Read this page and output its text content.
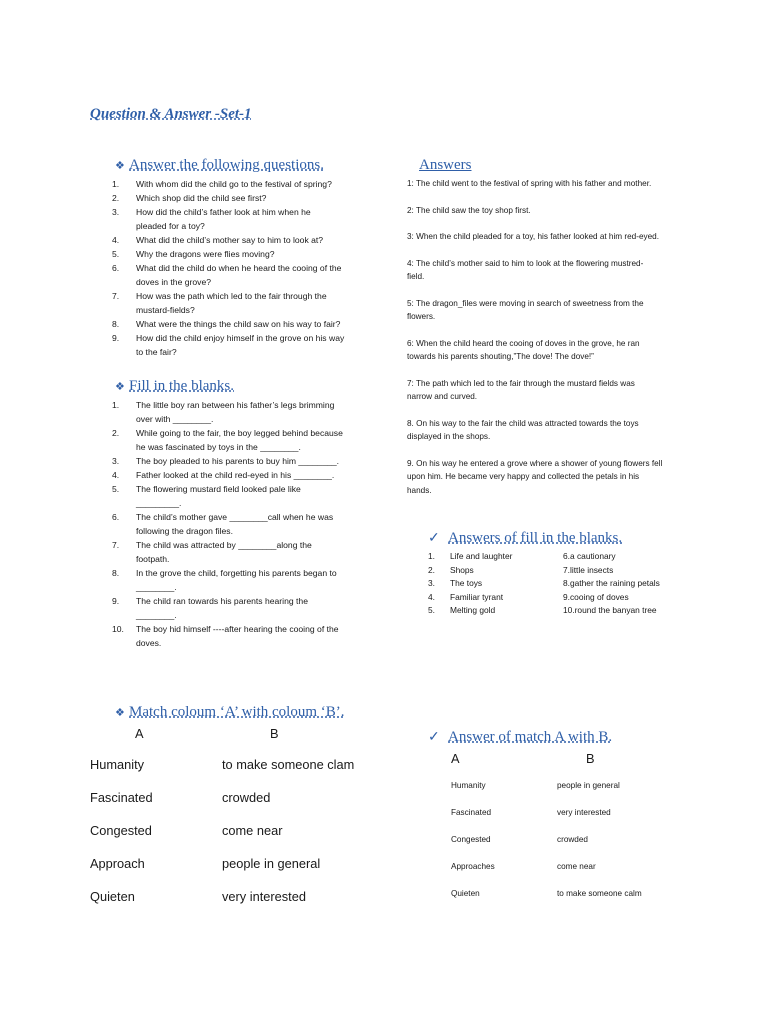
Question & Answer -Set-1
❖ Answer the following questions.
1.	With whom did the child go to the festival of spring?
2.	Which shop did the child see first?
3.	How did the child’s father look at him when he
pleaded for a toy?
4.	What did the child’s mother say to him to look at?
5.	Why the dragons were flies moving?
6.	What did the child do when he heard the cooing of the
doves in the grove?
7.	How was the path which led to the fair through the
mustard-fields?
8.	What were the things the child saw on his way to fair?
9.	How did the child enjoy himself in the grove on his way
to the fair?
Answers

1: The child went to the festival of spring with his father and mother.

2: The child saw the toy shop first.

3: When the child pleaded for a toy, his father looked at him red-eyed.

4: The child’s mother said to him to look at the flowering mustred-
field.

5: The dragon_files were moving in search of sweetness from the
flowers.

6: When the child heard the cooing of doves in the grove, he ran
towards his parents shouting,”The dove! The dove!”

7: The path which led to the fair through the mustard fields was
narrow and curved.

8. On his way to the fair the child was attracted towards the toys
displayed in the shops.

9. On his way he entered a grove where a shower of young flowers fell
upon him. He became very happy and collected the petals in his

hands.

❖ Fill in the blanks.
1.	The little boy ran between his father’s legs brimming
over with ________.
2.	While going to the fair, the boy legged behind because
he was fascinated by toys in the ________.
3.	The boy pleaded to his parents to buy him ________.
4.	Father looked at the child red-eyed in his ________.
5.	The flowering mustard field looked pale like
_________.
6.	The child’s mother gave ________call when he was
following the dragon files.
7.	The child was attracted by ________along the
footpath.
8.	In the grove the child, forgetting his parents began to
________.
9.	The child ran towards his parents hearing the
________.
10.	The boy hid himself ----after hearing the cooing of the
doves.
✓ Answers of fill in the blanks.
1.	Life and laughter	6.a cautionary
2.	Shops	7.little insects
3.	The toys	8.gather the raining petals
4.	Familiar tyrant	9.cooing of doves
5.	Melting gold	10.round the banyan tree
❖ Match coloum ‘A’ with coloum ‘B’.
A	B
Humanity	to make someone clam
Fascinated	crowded
Congested	come near
Approach	people in general
Quieten	very interested
✓ Answer of match A with B.
A	B
Humanity	people in general
Fascinated	very interested
Congested	crowded
Approaches	come near
Quieten	to make someone calm
